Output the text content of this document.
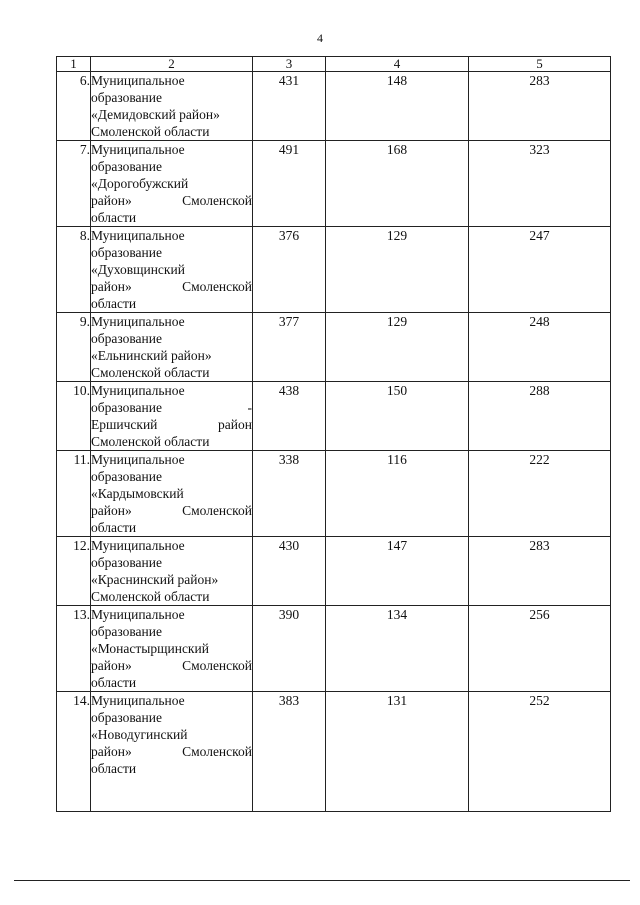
4
1	2	3	4	5
6.	Муниципальное
образование
«Демидовский район»
Смоленской области	431	148	283
7.	Муниципальное
образование
«Дорогобужский
район» Смоленской
области	491	168	323
8.	Муниципальное
образование
«Духовщинский
район» Смоленской
области	376	129	247
9.	Муниципальное
образование
«Ельнинский район»
Смоленской области	377	129	248
10.	Муниципальное
образование -
Ершичский район
Смоленской области	438	150	288
11.	Муниципальное
образование
«Кардымовский
район» Смоленской
области	338	116	222
12.	Муниципальное
образование
«Краснинский район»
Смоленской области	430	147	283
13.	Муниципальное
образование
«Монастырщинский
район» Смоленской
области	390	134	256
14.	Муниципальное
образование
«Новодугинский
район» Смоленской
области	383	131	252
